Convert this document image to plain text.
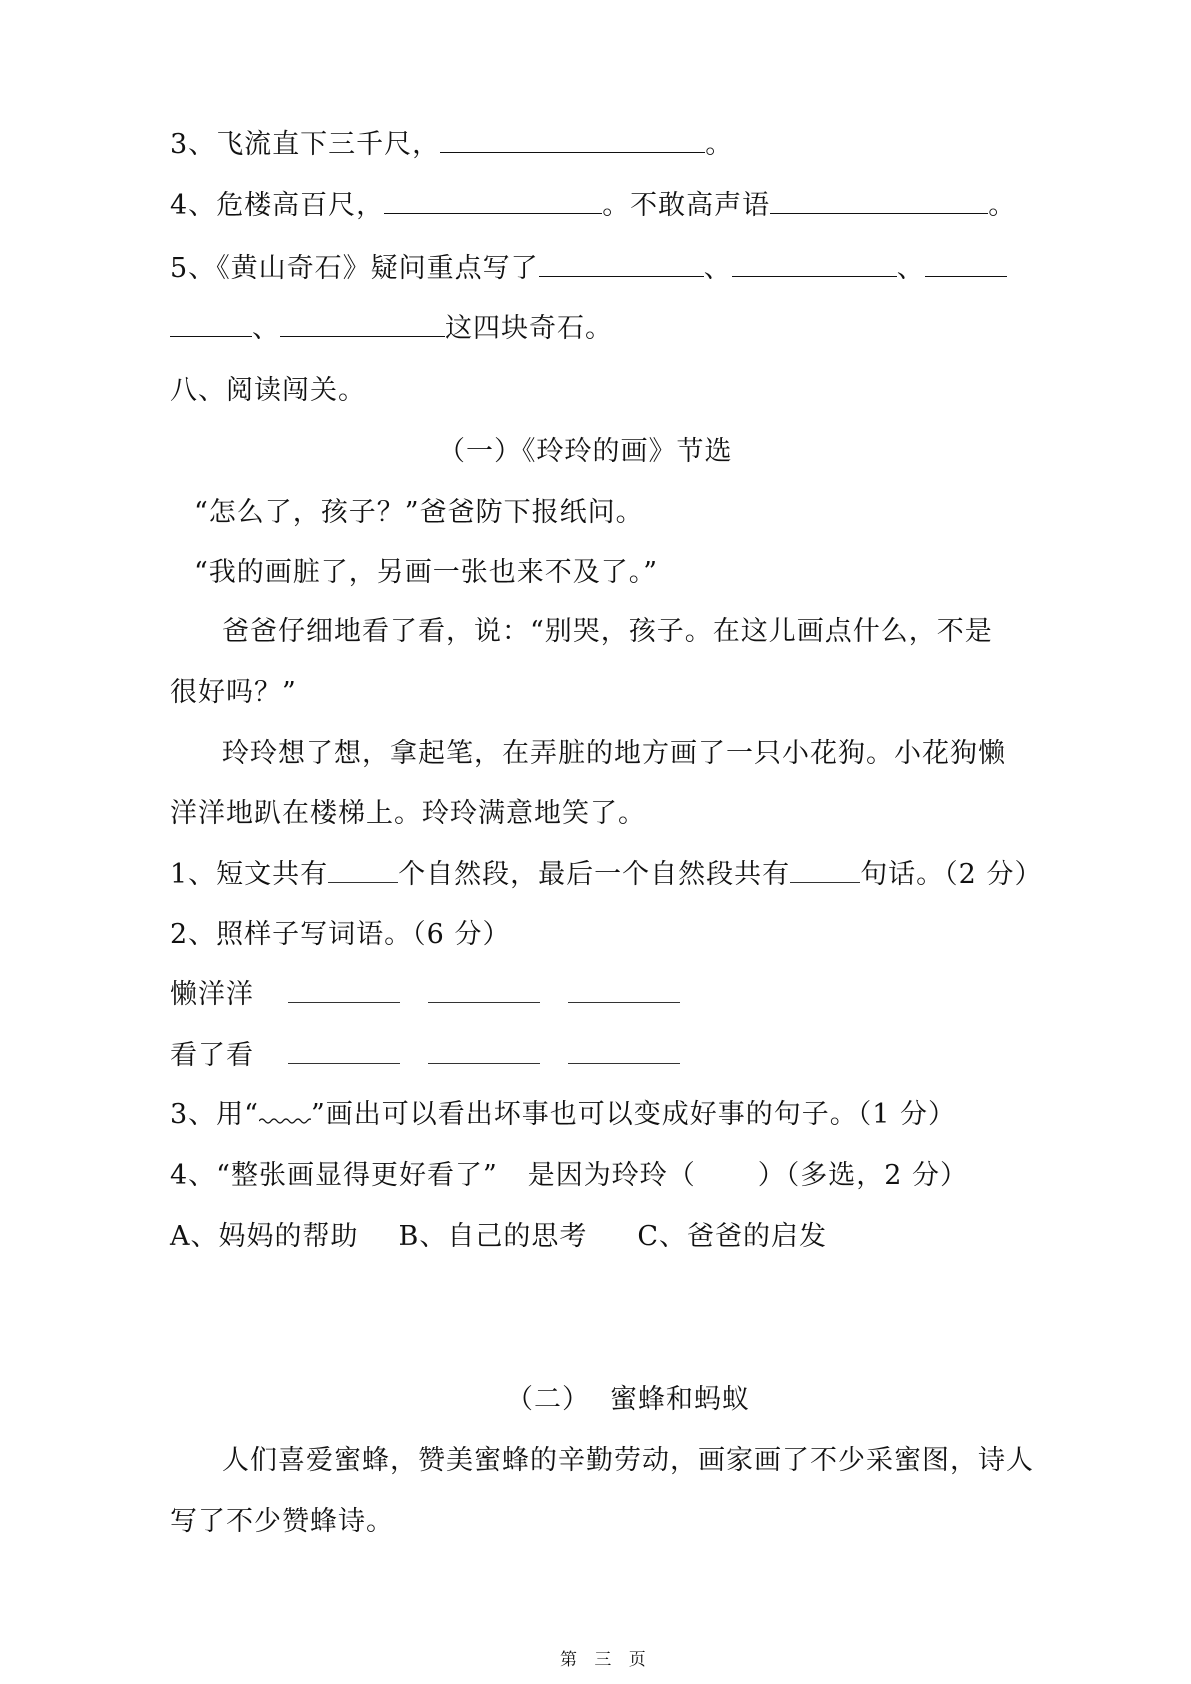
3、飞流直下三千尺，	。
4、危楼高百尺，	。不敢高声语	。
5、《黄山奇石》疑问重点写了	、	、
、	这四块奇石。
八、阅读闯关。
（一）《玲玲的画》节选
“怎么了，孩子？”爸爸防下报纸问。
“我的画脏了，另画一张也来不及了。”
爸爸仔细地看了看，说：“别哭，孩子。在这儿画点什么，不是
很好吗？”
玲玲想了想，拿起笔，在弄脏的地方画了一只小花狗。小花狗懒
洋洋地趴在楼梯上。玲玲满意地笑了。
1、短文共有	个自然段，最后一个自然段共有	句话。（2 分）
2、照样子写词语。（6 分）
懒洋洋
看了看
3、用“ ”画出可以看出坏事也可以变成好事的句子。（1 分）
4、“整张画显得更好看了” 是因为玲玲（ ）（多选，2 分）
A、妈妈的帮助 B、自己的思考 C、爸爸的启发
（二） 蜜蜂和蚂蚁
人们喜爱蜜蜂，赞美蜜蜂的辛勤劳动，画家画了不少采蜜图，诗人
写了不少赞蜂诗。
第 三 页
